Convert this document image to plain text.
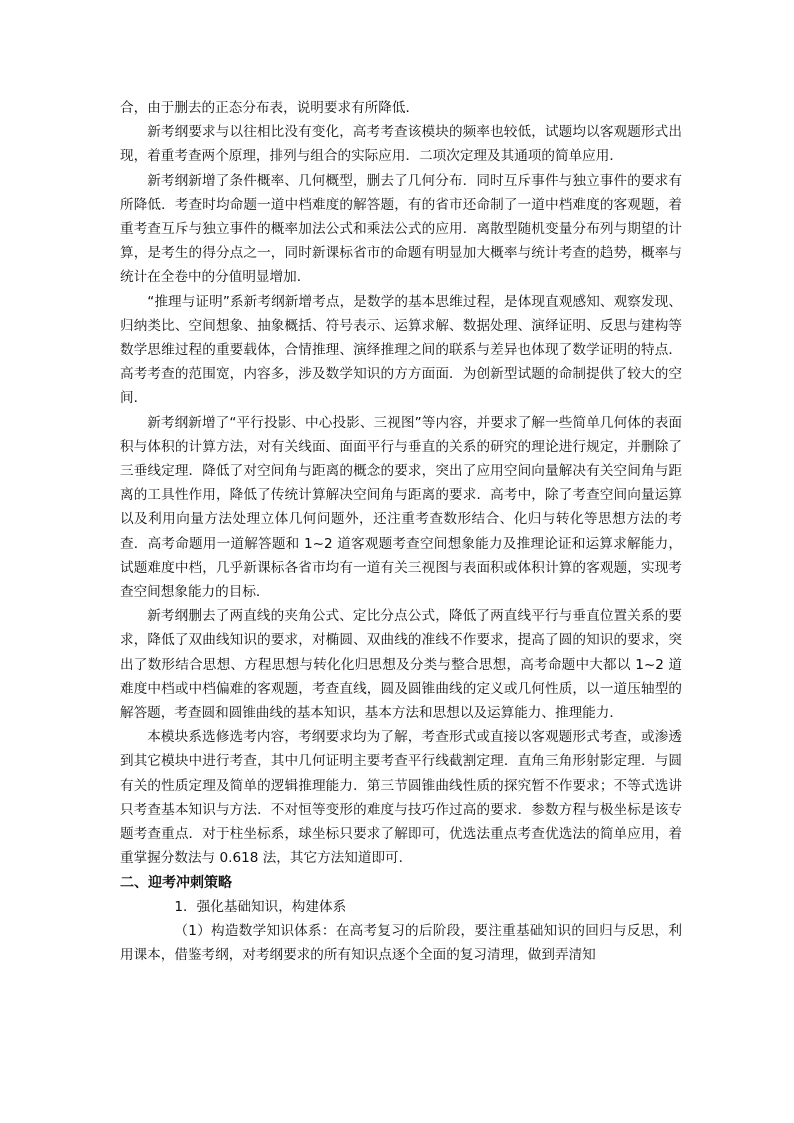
合，由于删去的正态分布表，说明要求有所降低．

新考纲要求与以往相比没有变化，高考考查该模块的频率也较低，试题均以客观题形式出现，着重考查两个原理，排列与组合的实际应用．二项次定理及其通项的简单应用．

新考纲新增了条件概率、几何概型，删去了几何分布．同时互斥事件与独立事件的要求有所降低．考查时均命题一道中档难度的解答题，有的省市还命制了一道中档难度的客观题，着重考查互斥与独立事件的概率加法公式和乘法公式的应用．离散型随机变量分布列与期望的计算，是考生的得分点之一，同时新课标省市的命题有明显加大概率与统计考查的趋势，概率与统计在全卷中的分值明显增加．

“推理与证明”系新考纲新增考点，是数学的基本思维过程，是体现直观感知、观察发现、归纳类比、空间想象、抽象概括、符号表示、运算求解、数据处理、演绎证明、反思与建构等数学思维过程的重要载体，合情推理、演绎推理之间的联系与差异也体现了数学证明的特点．高考考查的范围宽，内容多，涉及数学知识的方方面面．为创新型试题的命制提供了较大的空间．

新考纲新增了“平行投影、中心投影、三视图”等内容，并要求了解一些简单几何体的表面积与体积的计算方法，对有关线面、面面平行与垂直的关系的研究的理论进行规定，并删除了三垂线定理．降低了对空间角与距离的概念的要求，突出了应用空间向量解决有关空间角与距离的工具性作用，降低了传统计算解决空间角与距离的要求．高考中，除了考查空间向量运算以及利用向量方法处理立体几何问题外，还注重考查数形结合、化归与转化等思想方法的考查．高考命题用一道解答题和 1~2 道客观题考查空间想象能力及推理论证和运算求解能力，试题难度中档，几乎新课标各省市均有一道有关三视图与表面积或体积计算的客观题，实现考查空间想象能力的目标．

新考纲删去了两直线的夹角公式、定比分点公式，降低了两直线平行与垂直位置关系的要求，降低了双曲线知识的要求，对椭圆、双曲线的准线不作要求，提高了圆的知识的要求，突出了数形结合思想、方程思想与转化化归思想及分类与整合思想，高考命题中大都以 1~2 道难度中档或中档偏难的客观题，考查直线，圆及圆锥曲线的定义或几何性质，以一道压轴型的解答题，考查圆和圆锥曲线的基本知识，基本方法和思想以及运算能力、推理能力．

本模块系选修选考内容，考纲要求均为了解，考查形式或直接以客观题形式考查，或渗透到其它模块中进行考查，其中几何证明主要考查平行线截割定理．直角三角形射影定理．与圆有关的性质定理及简单的逻辑推理能力．第三节圆锥曲线性质的探究暂不作要求；不等式选讲只考查基本知识与方法．不对恒等变形的难度与技巧作过高的要求．参数方程与极坐标是该专题考查重点．对于柱坐标系，球坐标只要求了解即可，优选法重点考查优选法的简单应用，着重掌握分数法与 0.618 法，其它方法知道即可．

二、迎考冲刺策略

1．强化基础知识，构建体系

（1）构造数学知识体系：在高考复习的后阶段，要注重基础知识的回归与反思，利用课本，借鉴考纲，对考纲要求的所有知识点逐个全面的复习清理，做到弄清知
